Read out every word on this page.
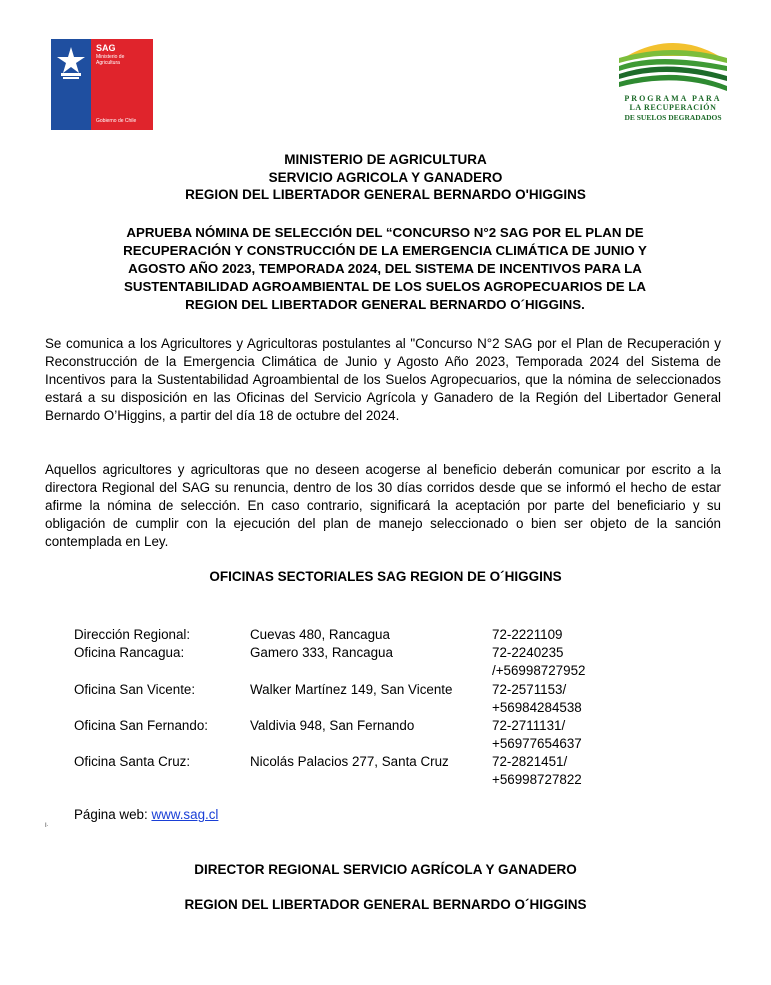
SAG
Ministerio de
Agricultura
Gobierno de Chile
PROGRAMA PARA
LA RECUPERACIÓN
DE SUELOS DEGRADADOS
MINISTERIO DE AGRICULTURA
SERVICIO AGRICOLA Y GANADERO
REGION DEL LIBERTADOR GENERAL BERNARDO O'HIGGINS
APRUEBA NÓMINA DE SELECCIÓN DEL “CONCURSO N°2 SAG POR EL PLAN DE
RECUPERACIÓN Y CONSTRUCCIÓN DE LA EMERGENCIA CLIMÁTICA DE JUNIO Y
AGOSTO AÑO 2023, TEMPORADA 2024, DEL SISTEMA DE INCENTIVOS PARA LA
SUSTENTABILIDAD AGROAMBIENTAL DE LOS SUELOS AGROPECUARIOS DE LA
REGION DEL LIBERTADOR GENERAL BERNARDO O´HIGGINS.
Se comunica a los Agricultores y Agricultoras postulantes al "Concurso N°2 SAG por el Plan de Recuperación y Reconstrucción de la Emergencia Climática de Junio y Agosto Año 2023, Temporada 2024 del Sistema de Incentivos para la Sustentabilidad Agroambiental de los Suelos Agropecuarios, que la nómina de seleccionados estará a su disposición en las Oficinas del Servicio Agrícola y Ganadero de la Región del Libertador General Bernardo O’Higgins, a partir del día 18 de octubre del 2024.
Aquellos agricultores y agricultoras que no deseen acogerse al beneficio deberán comunicar por escrito a la directora Regional del SAG su renuncia, dentro de los 30 días corridos desde que se informó el hecho de estar afirme la nómina de selección. En caso contrario, significará la aceptación por parte del beneficiario y su obligación de cumplir con la ejecución del plan de manejo seleccionado o bien ser objeto de la sanción contemplada en Ley.
OFICINAS SECTORIALES SAG REGION DE O´HIGGINS
Dirección Regional:	Cuevas 480, Rancagua	72-2221109
Oficina Rancagua:	Gamero 333, Rancagua	72-2240235 /+56998727952
Oficina San Vicente:	Walker Martínez 149, San Vicente	72-2571153/ +56984284538
Oficina San Fernando:	Valdivia 948, San Fernando	72-2711131/ +56977654637
Oficina Santa Cruz:	Nicolás Palacios 277, Santa Cruz	72-2821451/ +56998727822
Página web: www.sag.cl
I·
DIRECTOR REGIONAL SERVICIO AGRÍCOLA Y GANADERO
REGION DEL LIBERTADOR GENERAL BERNARDO O´HIGGINS
